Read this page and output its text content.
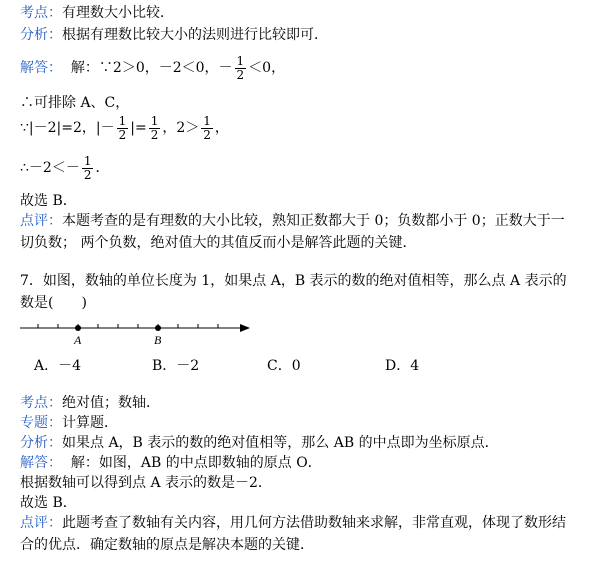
考点：有理数大小比较．
分析：根据有理数比较大小的法则进行比较即可．
解答： 解：∵2＞0，－2＜0，－ $\frac{1}{2} <0$，
∴可排除 A、C，
∵|－2|=2，|－ $\frac{1}{2}$ |= $\frac{1}{2}$ ，$2> \frac{1}{2}$ ，
∴－2＜－ $\frac{1}{2}$ ．
故选 B．
点评：本题考查的是有理数的大小比较，熟知正数都大于 0；负数都小于 0；正数大于一切负数； 两个负数，绝对值大的其值反而小是解答此题的关键．
7．如图，数轴的单位长度为 1，如果点 A，B 表示的数的绝对值相等，那么点 A 表示的数是(　　)
A	B
A．－4	B．－2	C．0	D．4
考点：绝对值；数轴．
专题：计算题．
分析：如果点 A，B 表示的数的绝对值相等，那么 AB 的中点即为坐标原点．
解答： 解：如图，AB 的中点即数轴的原点 O．
根据数轴可以得到点 A 表示的数是－2．
故选 B．
点评：此题考查了数轴有关内容，用几何方法借助数轴来求解，非常直观，体现了数形结合的优点．确定数轴的原点是解决本题的关键．
